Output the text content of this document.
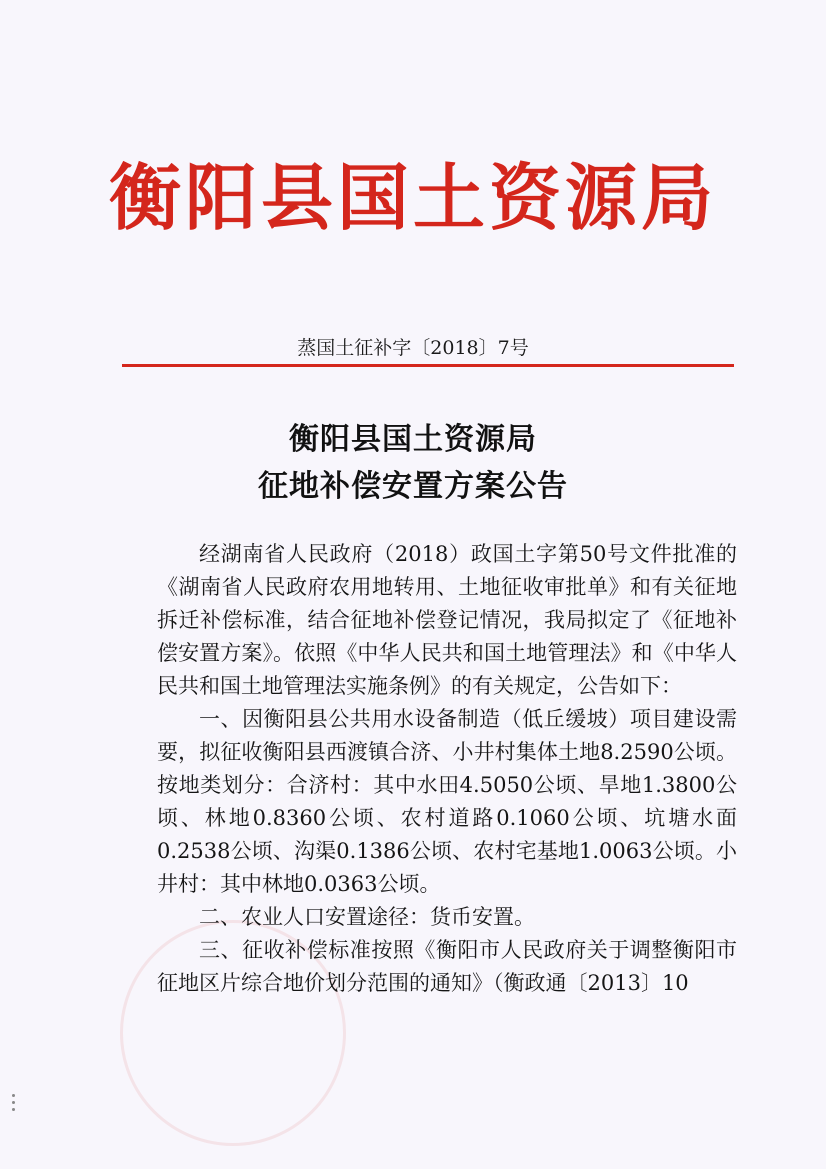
衡阳县国土资源局
蒸国土征补字〔2018〕7号
衡阳县国土资源局
征地补偿安置方案公告

经湖南省人民政府（2018）政国土字第50号文件批准的《湖南省人民政府农用地转用、土地征收审批单》和有关征地拆迁补偿标准，结合征地补偿登记情况，我局拟定了《征地补偿安置方案》。依照《中华人民共和国土地管理法》和《中华人民共和国土地管理法实施条例》的有关规定，公告如下：

一、因衡阳县公共用水设备制造（低丘缓坡）项目建设需要，拟征收衡阳县西渡镇合济、小井村集体土地8.2590公顷。按地类划分：合济村：其中水田4.5050公顷、旱地1.3800公顷、林地0.8360公顷、农村道路0.1060公顷、坑塘水面0.2538公顷、沟渠0.1386公顷、农村宅基地1.0063公顷。小井村：其中林地0.0363公顷。

二、农业人口安置途径：货币安置。

三、征收补偿标准按照《衡阳市人民政府关于调整衡阳市征地区片综合地价划分范围的通知》（衡政通〔2013〕10
